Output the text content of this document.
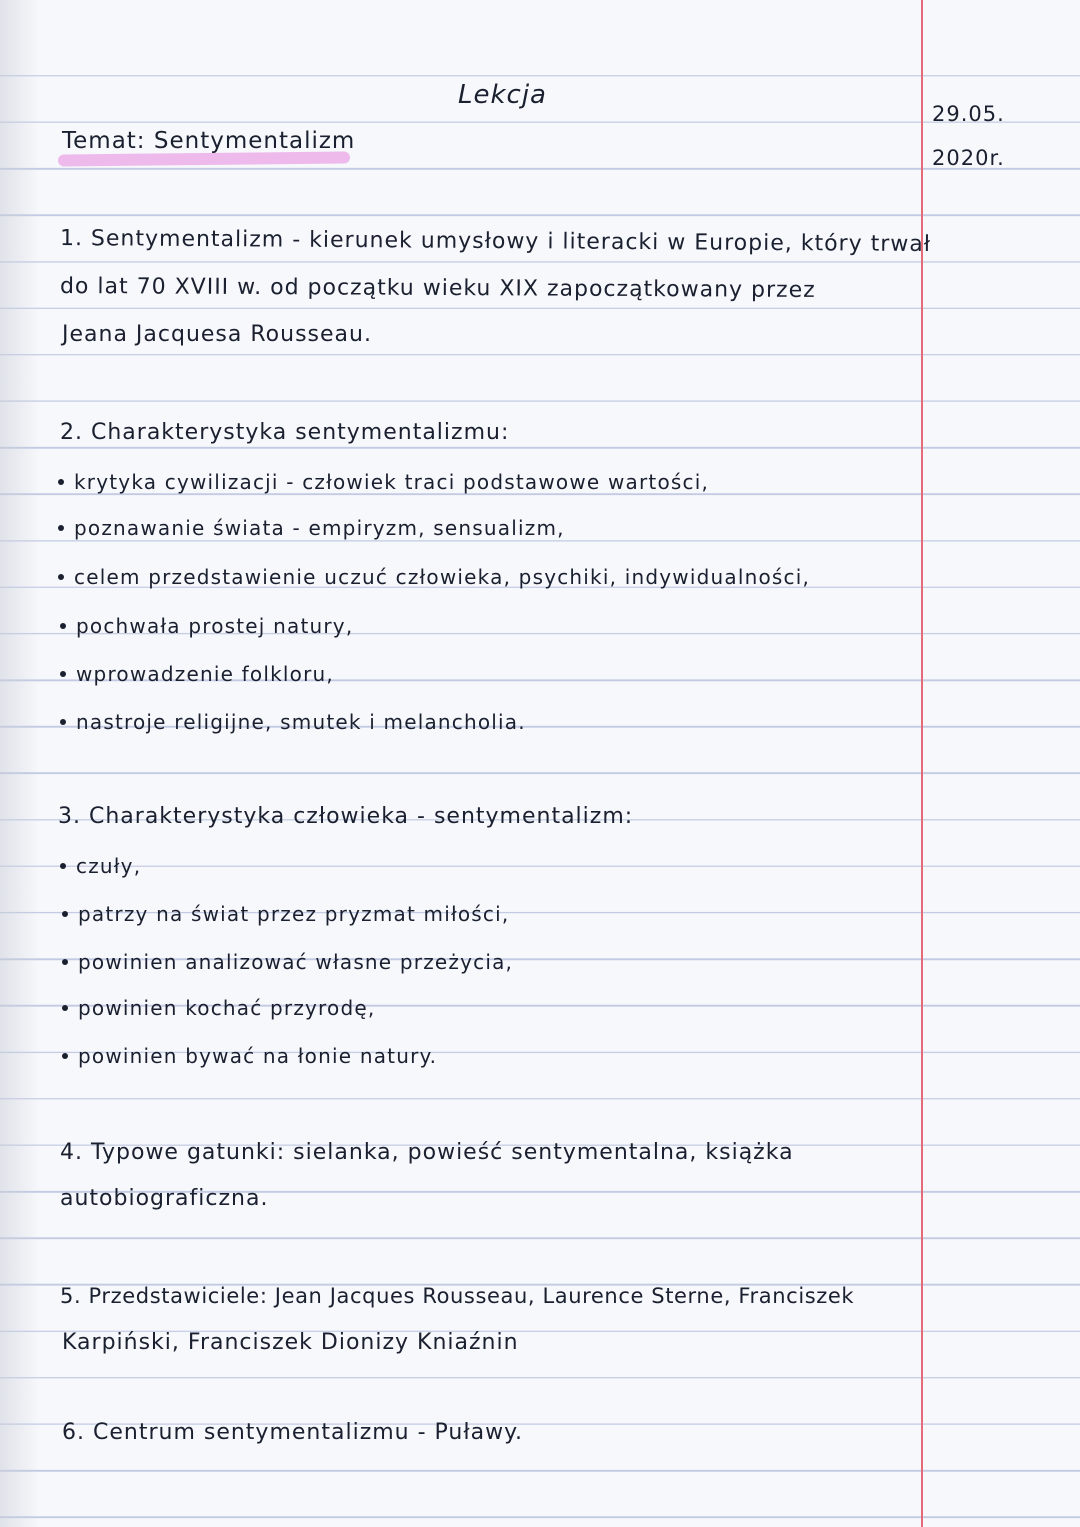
Lekcja
29.05.
2020r.
Temat: Sentymentalizm
1. Sentymentalizm - kierunek umysłowy i literacki w Europie, który trwał
do lat 70 XVIII w. od początku wieku XIX zapoczątkowany przez
Jeana Jacquesa Rousseau.
2. Charakterystyka sentymentalizmu:
krytyka cywilizacji - człowiek traci podstawowe wartości,
poznawanie świata - empiryzm, sensualizm,
celem przedstawienie uczuć człowieka, psychiki, indywidualności,
pochwała prostej natury,
wprowadzenie folkloru,
nastroje religijne, smutek i melancholia.
3. Charakterystyka człowieka - sentymentalizm:
czuły,
patrzy na świat przez pryzmat miłości,
powinien analizować własne przeżycia,
powinien kochać przyrodę,
powinien bywać na łonie natury.
4. Typowe gatunki: sielanka, powieść sentymentalna, książka
autobiograficzna.
5. Przedstawiciele: Jean Jacques Rousseau, Laurence Sterne, Franciszek
Karpiński, Franciszek Dionizy Kniaźnin
6. Centrum sentymentalizmu - Puławy.
